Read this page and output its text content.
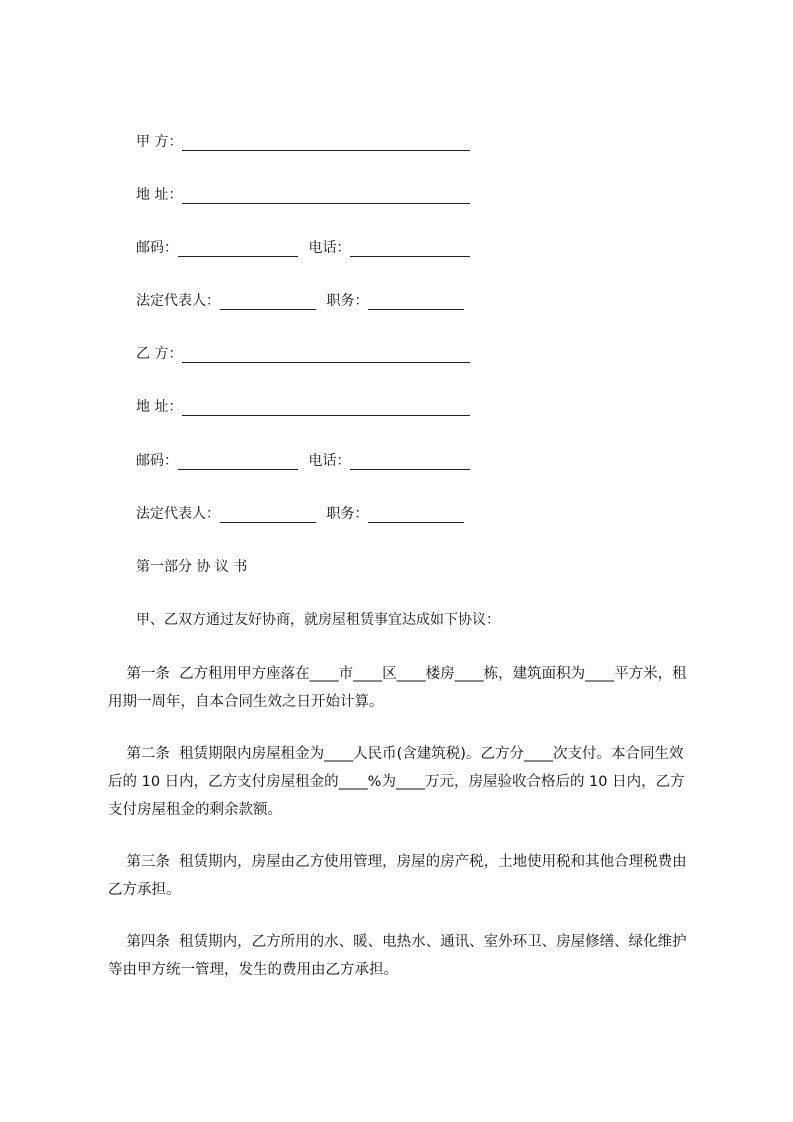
甲 方：
地 址：
邮码：	电话：
法定代表人：	职务：
乙 方：
地 址：
邮码：	电话：
法定代表人：	职务：
第一部分 协 议 书
甲、乙双方通过友好协商，就房屋租赁事宜达成如下协议：
第一条  乙方租用甲方座落在____市____区____楼房____栋，建筑面积为____平方米，租用期一周年，自本合同生效之日开始计算。
第二条  租赁期限内房屋租金为____人民币(含建筑税)。乙方分____次支付。本合同生效后的 10 日内，乙方支付房屋租金的____%为____万元，房屋验收合格后的 10 日内，乙方支付房屋租金的剩余款额。
第三条  租赁期内，房屋由乙方使用管理，房屋的房产税，土地使用税和其他合理税费由乙方承担。
第四条  租赁期内，乙方所用的水、暖、电热水、通讯、室外环卫、房屋修缮、绿化维护等由甲方统一管理，发生的费用由乙方承担。
